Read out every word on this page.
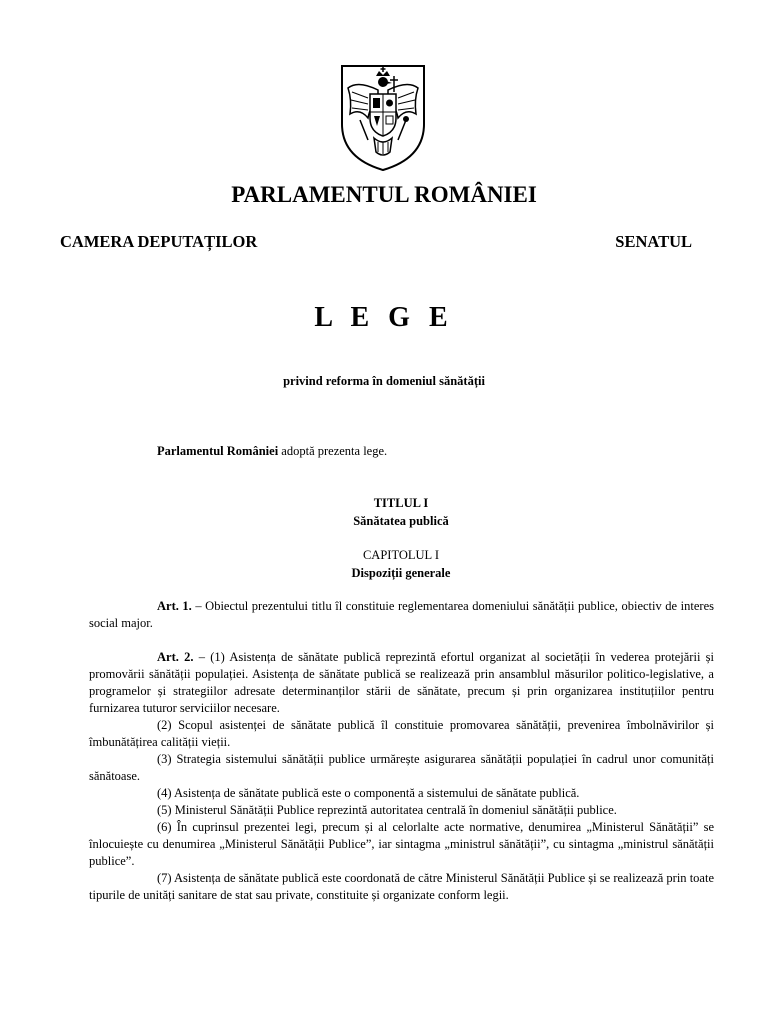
PARLAMENTUL ROMÂNIEI
CAMERA DEPUTAȚILOR	SENATUL
L E G E
privind reforma în domeniul sănătății
Parlamentul României adoptă prezenta lege.
TITLUL I
Sănătatea publică
CAPITOLUL I
Dispoziții generale

Art. 1. – Obiectul prezentului titlu îl constituie reglementarea domeniului sănătății publice, obiectiv de interes social major.

Art. 2. – (1) Asistența de sănătate publică reprezintă efortul organizat al societății în vederea protejării și promovării sănătății populației. Asistența de sănătate publică se realizează prin ansamblul măsurilor politico-legislative, a programelor și strategiilor adresate determinanților stării de sănătate, precum și prin organizarea instituțiilor pentru furnizarea tuturor serviciilor necesare.

(2) Scopul asistenței de sănătate publică îl constituie promovarea sănătății, prevenirea îmbolnăvirilor și îmbunătățirea calității vieții.

(3) Strategia sistemului sănătății publice urmărește asigurarea sănătății populației în cadrul unor comunități sănătoase.

(4) Asistența de sănătate publică este o componentă a sistemului de sănătate publică.

(5) Ministerul Sănătății Publice reprezintă autoritatea centrală în domeniul sănătății publice.

(6) În cuprinsul prezentei legi, precum și al celorlalte acte normative, denumirea „Ministerul Sănătății” se înlocuiește cu denumirea „Ministerul Sănătății Publice”, iar sintagma „ministrul sănătății”, cu sintagma „ministrul sănătății publice”.

(7) Asistența de sănătate publică este coordonată de către Ministerul Sănătății Publice și se realizează prin toate tipurile de unități sanitare de stat sau private, constituite și organizate conform legii.
